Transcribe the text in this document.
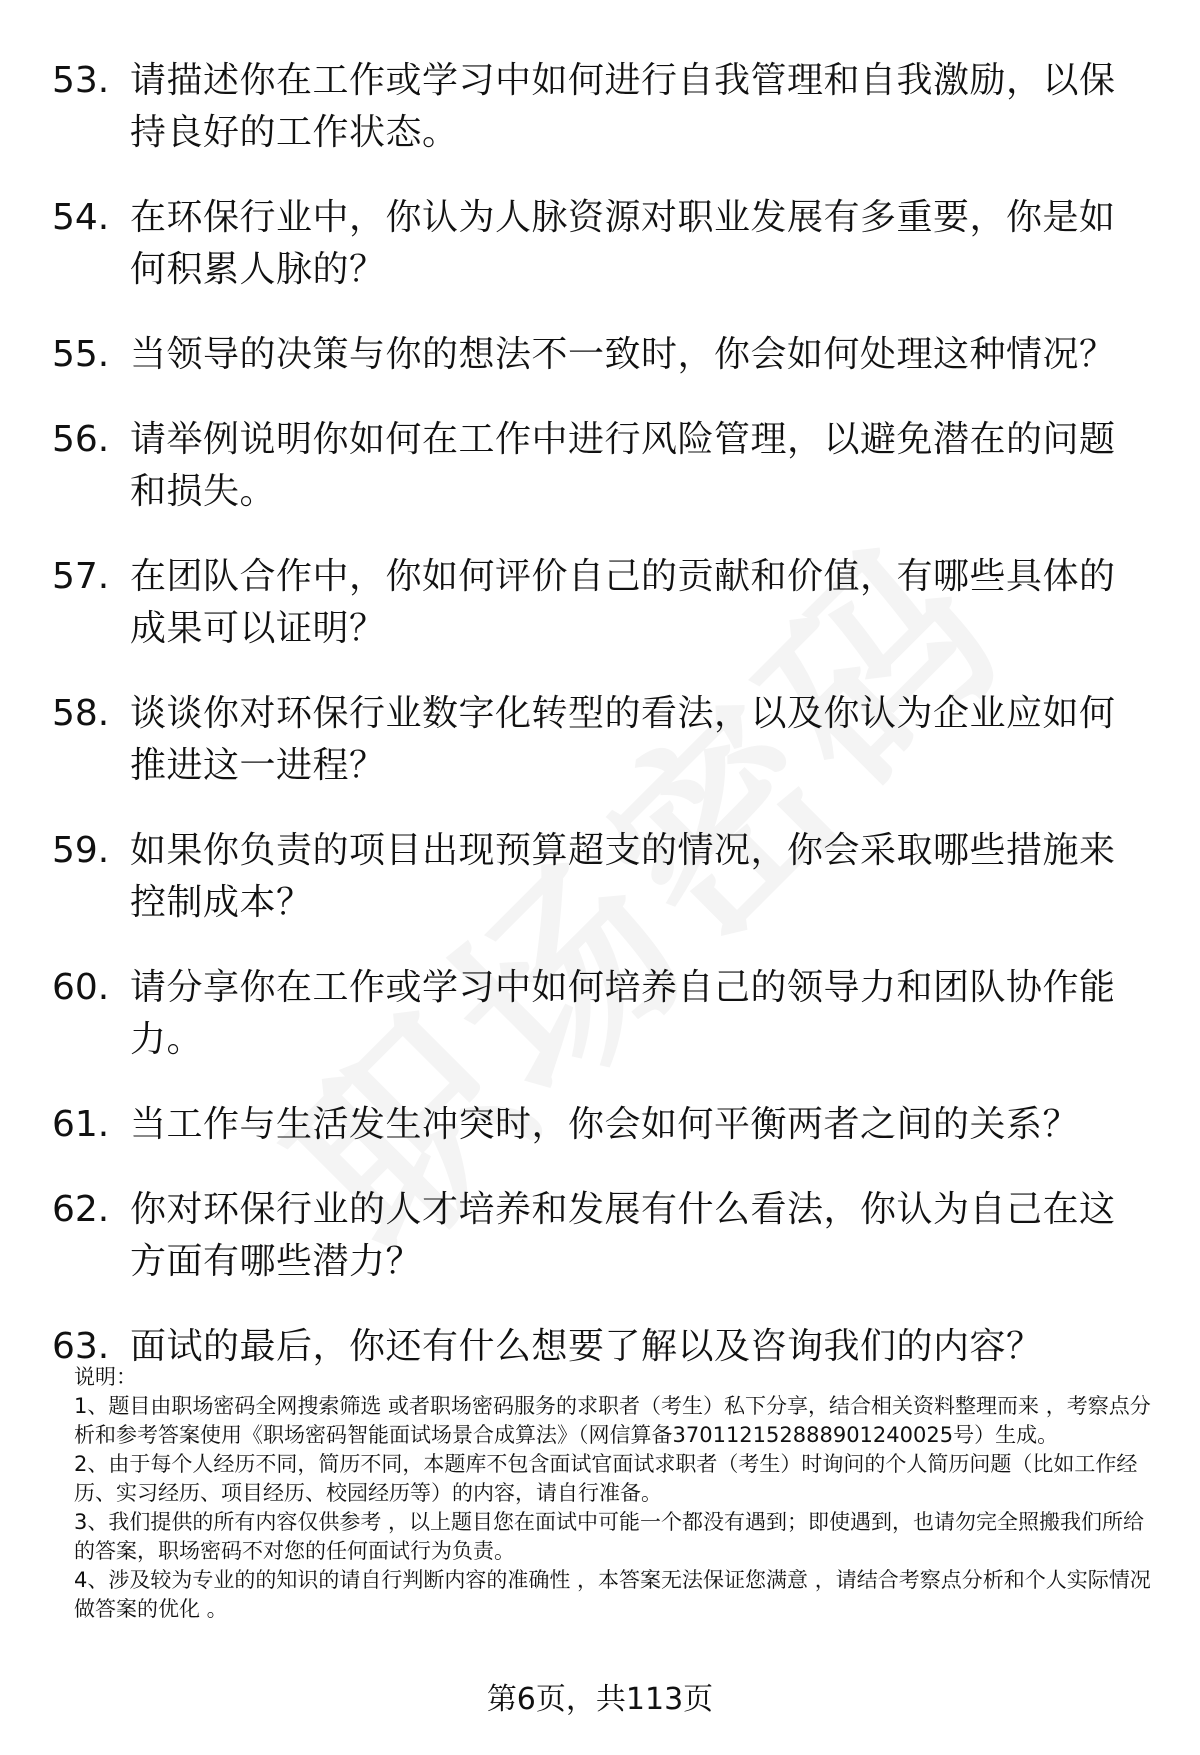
53. 请描述你在工作或学习中如何进行自我管理和自我激励，以保持良好的工作状态。
54. 在环保行业中，你认为人脉资源对职业发展有多重要，你是如何积累人脉的？
55. 当领导的决策与你的想法不一致时，你会如何处理这种情况？
56. 请举例说明你如何在工作中进行风险管理，以避免潜在的问题和损失。
57. 在团队合作中，你如何评价自己的贡献和价值，有哪些具体的成果可以证明？
58. 谈谈你对环保行业数字化转型的看法，以及你认为企业应如何推进这一进程？
59. 如果你负责的项目出现预算超支的情况，你会采取哪些措施来控制成本？
60. 请分享你在工作或学习中如何培养自己的领导力和团队协作能力。
61. 当工作与生活发生冲突时，你会如何平衡两者之间的关系？
62. 你对环保行业的人才培养和发展有什么看法，你认为自己在这方面有哪些潜力？
63. 面试的最后，你还有什么想要了解以及咨询我们的内容？

说明：

1、题目由职场密码全网搜索筛选 或者职场密码服务的求职者（考生）私下分享，结合相关资料整理而来 ，考察点分析和参考答案使用《职场密码智能面试场景合成算法》（网信算备370112152888901240025号）生成。

2、由于每个人经历不同，简历不同，本题库不包含面试官面试求职者（考生）时询问的个人简历问题（比如工作经历、实习经历、项目经历、校园经历等）的内容，请自行准备。

3、我们提供的所有内容仅供参考 ，以上题目您在面试中可能一个都没有遇到；即使遇到，也请勿完全照搬我们所给的答案，职场密码不对您的任何面试行为负责。

4、涉及较为专业的的知识的请自行判断内容的准确性 ，本答案无法保证您满意 ，请结合考察点分析和个人实际情况做答案的优化 。

第6页，共113页
